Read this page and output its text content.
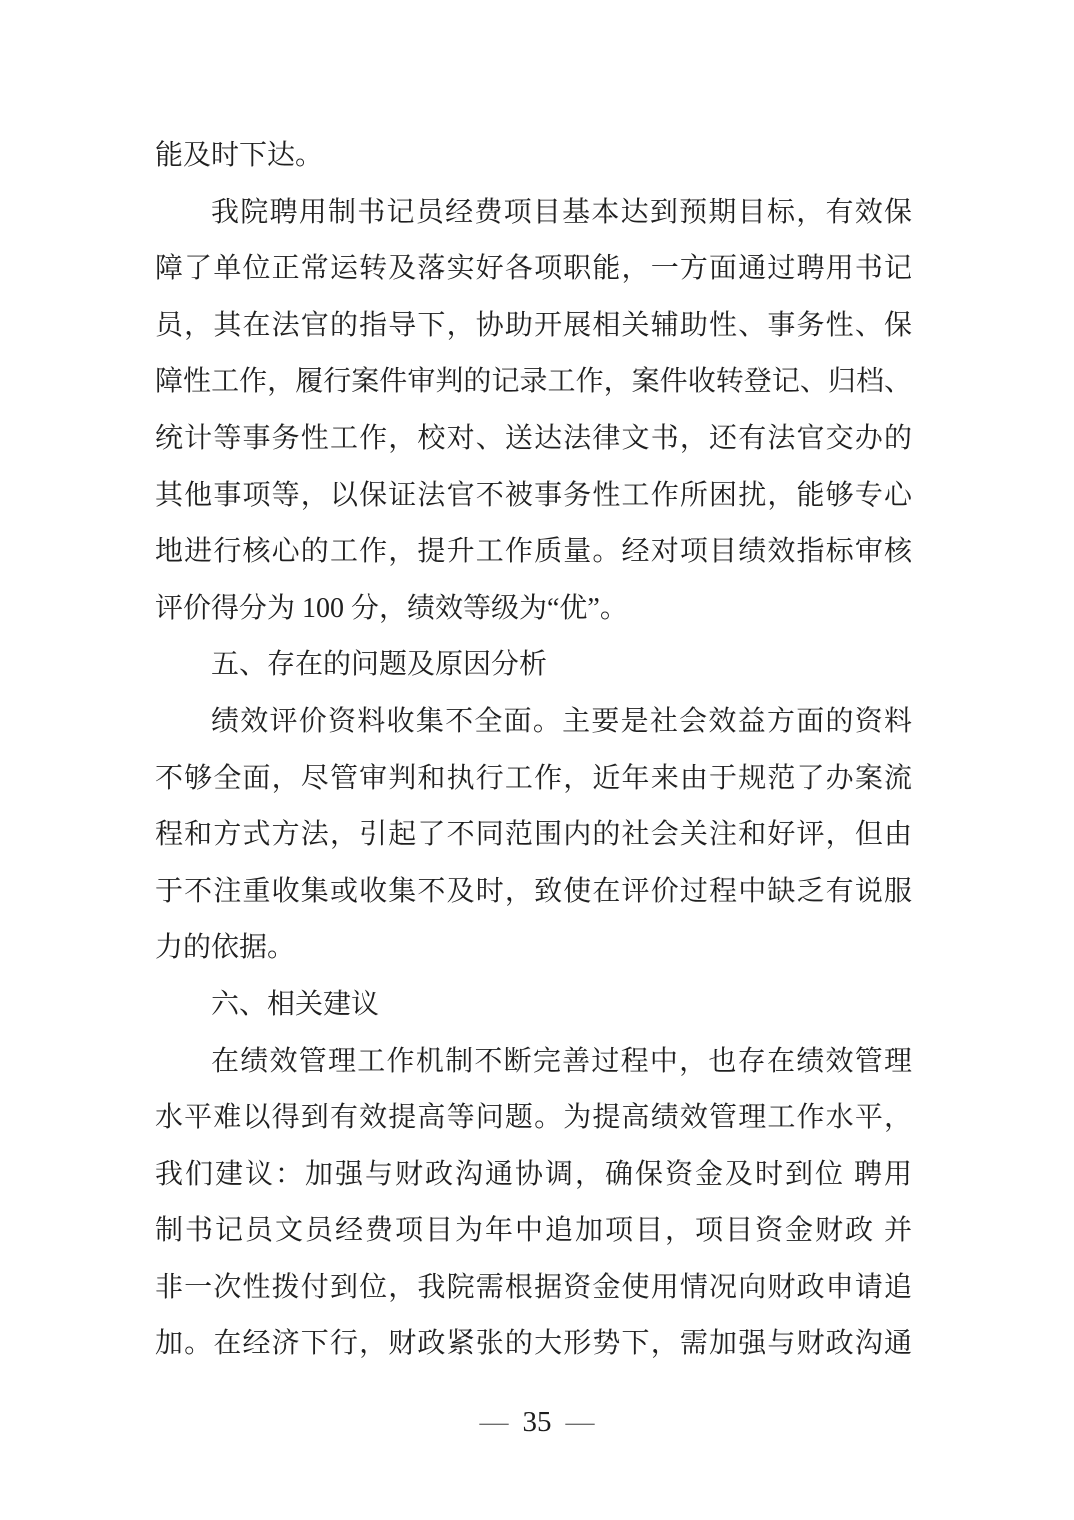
能及时下达。
我院聘用制书记员经费项目基本达到预期目标，有效保
障了单位正常运转及落实好各项职能，一方面通过聘用书记
员，其在法官的指导下，协助开展相关辅助性、事务性、保
障性工作，履行案件审判的记录工作，案件收转登记、归档、
统计等事务性工作，校对、送达法律文书，还有法官交办的
其他事项等，以保证法官不被事务性工作所困扰，能够专心
地进行核心的工作，提升工作质量。经对项目绩效指标审核
评价得分为 100 分，绩效等级为“优”。
五、存在的问题及原因分析
绩效评价资料收集不全面。主要是社会效益方面的资料
不够全面，尽管审判和执行工作，近年来由于规范了办案流
程和方式方法，引起了不同范围内的社会关注和好评，但由
于不注重收集或收集不及时，致使在评价过程中缺乏有说服
力的依据。
六、相关建议
在绩效管理工作机制不断完善过程中，也存在绩效管理
水平难以得到有效提高等问题。为提高绩效管理工作水平，
我们建议：加强与财政沟通协调，确保资金及时到位 聘用
制书记员文员经费项目为年中追加项目，项目资金财政 并
非一次性拨付到位，我院需根据资金使用情况向财政申请追
加。在经济下行，财政紧张的大形势下，需加强与财政沟通
— 35 —
